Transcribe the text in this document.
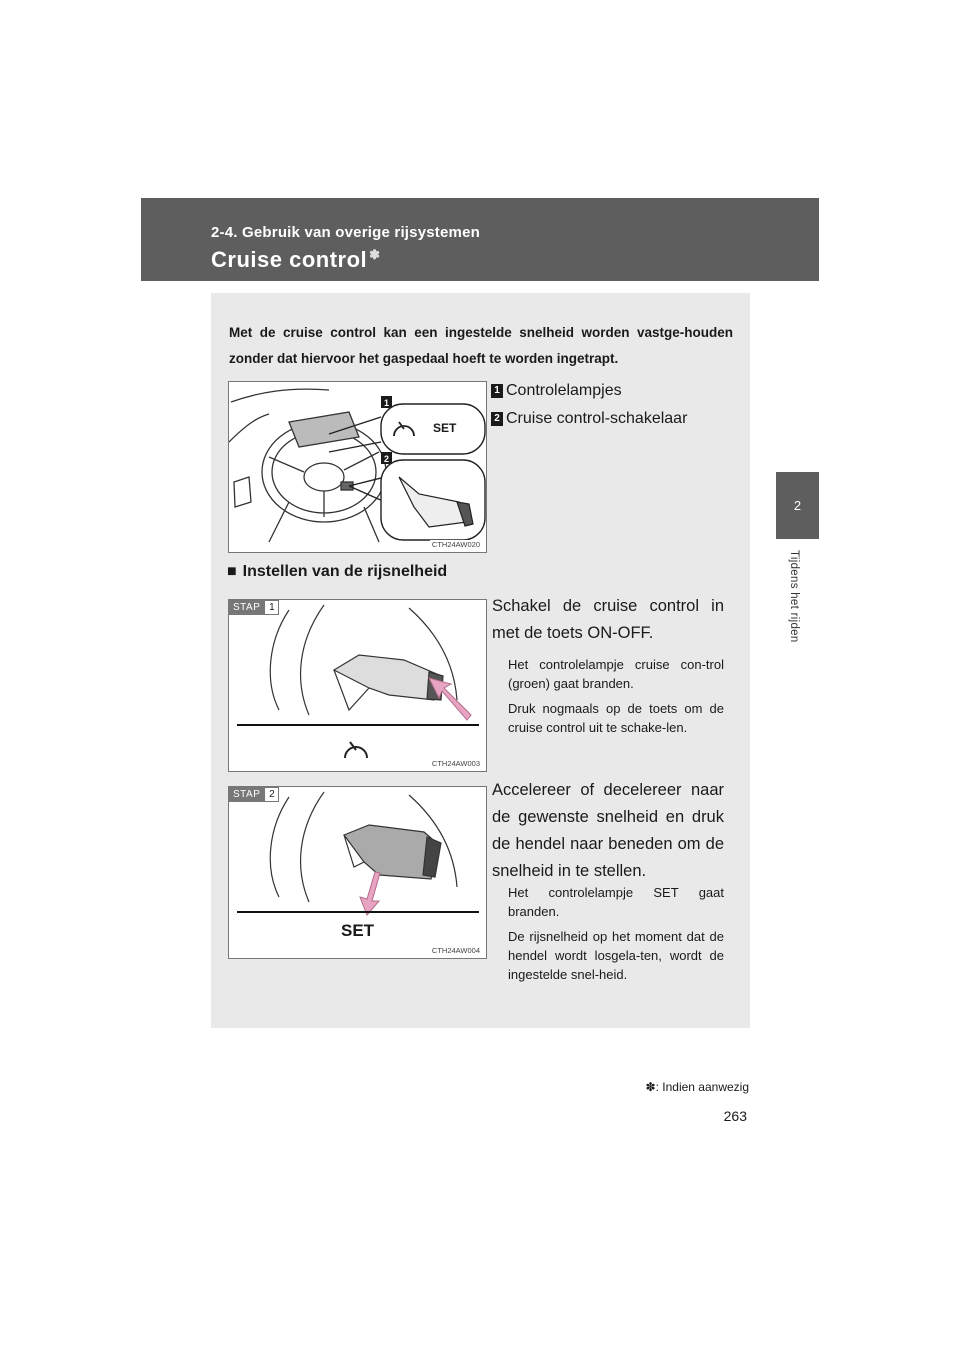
2-4. Gebruik van overige rijsystemen
Cruise control ✽
2
Tijdens het rijden

Met de cruise control kan een ingestelde snelheid worden vastge-houden zonder dat hiervoor het gaspedaal hoeft te worden ingetrapt.

1
2
CTH24AW020
SET
1 Controlelampjes
2 Cruise control-schakelaar
■ Instellen van de rijsnelheid
STAP 1
CTH24AW003
Schakel de cruise control in met de toets ON-OFF.
Het controlelampje cruise con-trol (groen) gaat branden.
Druk nogmaals op de toets om de cruise control uit te schake-len.
STAP 2
SET
CTH24AW004
Accelereer of decelereer naar de gewenste snelheid en druk de hendel naar beneden om de snelheid in te stellen.
Het controlelampje SET gaat branden.
De rijsnelheid op het moment dat de hendel wordt losgela-ten, wordt de ingestelde snel-heid.
✽: Indien aanwezig
263
